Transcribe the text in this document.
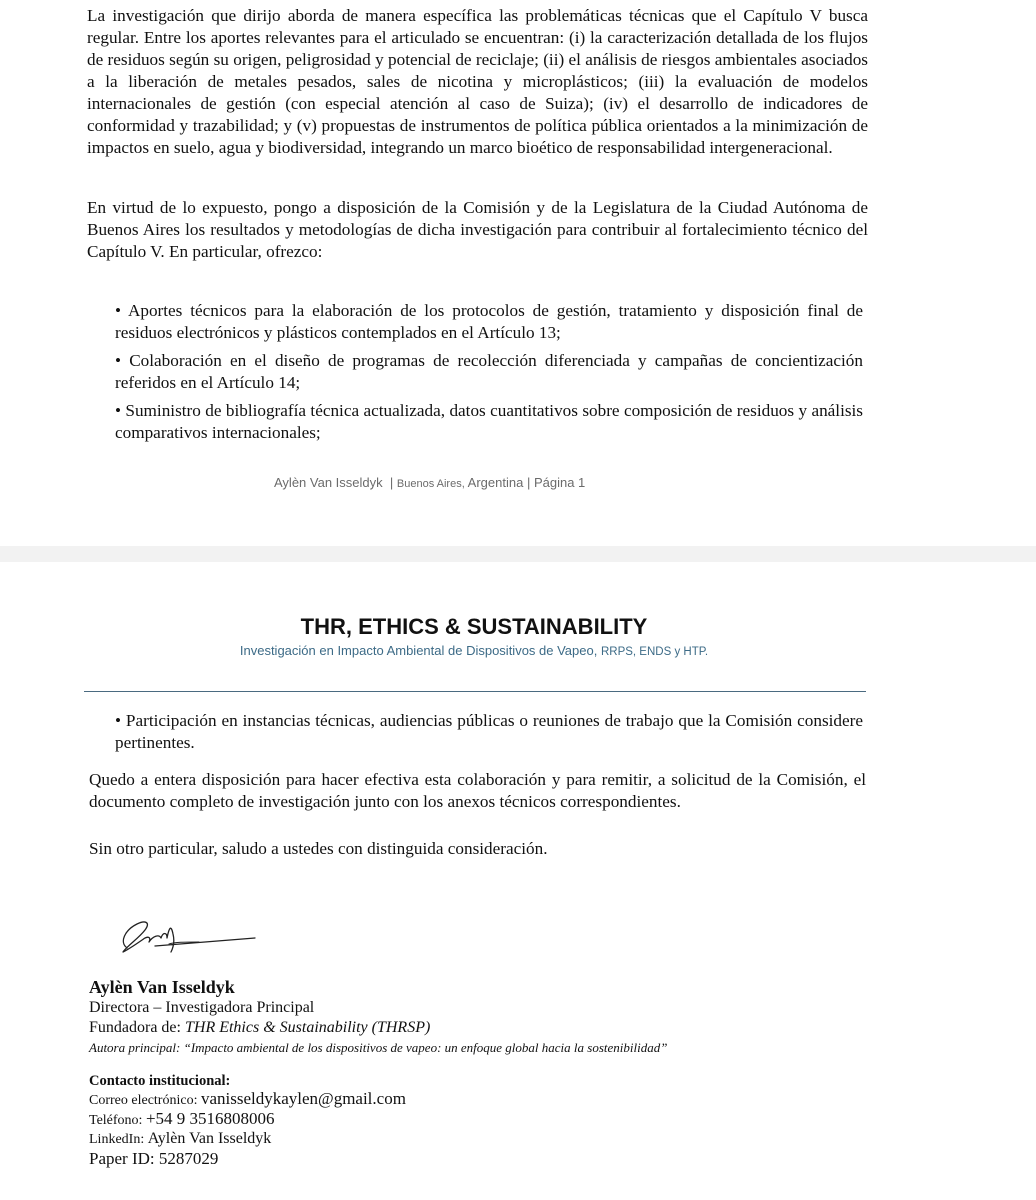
La investigación que dirijo aborda de manera específica las problemáticas técnicas que el Capítulo V busca regular. Entre los aportes relevantes para el articulado se encuentran: (i) la caracterización detallada de los flujos de residuos según su origen, peligrosidad y potencial de reciclaje; (ii) el análisis de riesgos ambientales asociados a la liberación de metales pesados, sales de nicotina y microplásticos; (iii) la evaluación de modelos internacionales de gestión (con especial atención al caso de Suiza); (iv) el desarrollo de indicadores de conformidad y trazabilidad; y (v) propuestas de instrumentos de política pública orientados a la minimización de impactos en suelo, agua y biodiversidad, integrando un marco bioético de responsabilidad intergeneracional.

En virtud de lo expuesto, pongo a disposición de la Comisión y de la Legislatura de la Ciudad Autónoma de Buenos Aires los resultados y metodologías de dicha investigación para contribuir al fortalecimiento técnico del Capítulo V. En particular, ofrezco:

• Aportes técnicos para la elaboración de los protocolos de gestión, tratamiento y disposición final de residuos electrónicos y plásticos contemplados en el Artículo 13;
• Colaboración en el diseño de programas de recolección diferenciada y campañas de concientización referidos en el Artículo 14;
• Suministro de bibliografía técnica actualizada, datos cuantitativos sobre composición de residuos y análisis comparativos internacionales;
Aylèn Van Isseldyk | Buenos Aires, Argentina | Página 1
THR, ETHICS & SUSTAINABILITY
Investigación en Impacto Ambiental de Dispositivos de Vapeo, RRPS, ENDS y HTP.
• Participación en instancias técnicas, audiencias públicas o reuniones de trabajo que la Comisión considere pertinentes.

Quedo a entera disposición para hacer efectiva esta colaboración y para remitir, a solicitud de la Comisión, el documento completo de investigación junto con los anexos técnicos correspondientes.

Sin otro particular, saludo a ustedes con distinguida consideración.

Aylèn Van Isseldyk
Directora – Investigadora Principal
Fundadora de: THR Ethics & Sustainability (THRSP)
Autora principal: “Impacto ambiental de los dispositivos de vapeo: un enfoque global hacia la sostenibilidad”
Contacto institucional:
Correo electrónico: vanisseldykaylen@gmail.com
Teléfono: +54 9 3516808006
LinkedIn: Aylèn Van Isseldyk
Paper ID: 5287029
